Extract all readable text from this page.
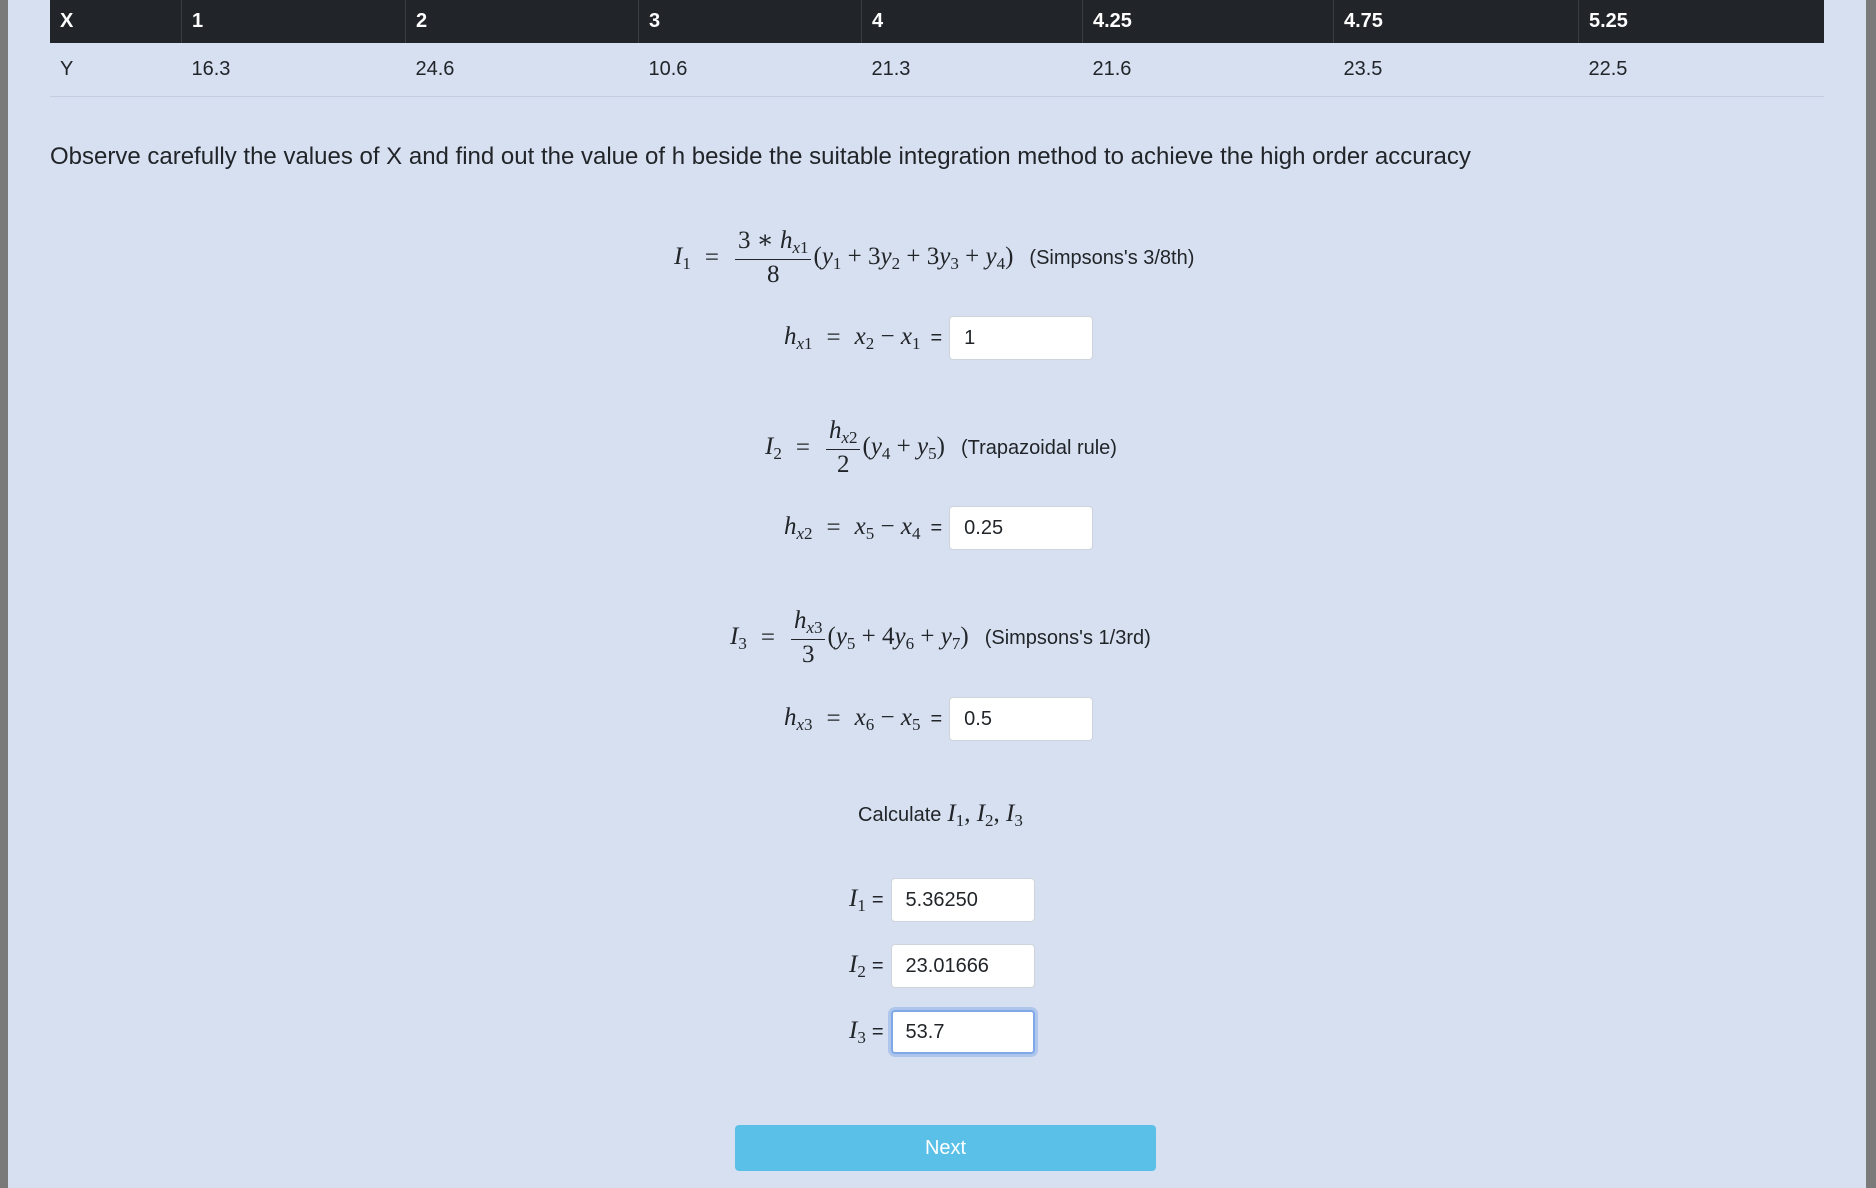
X	1	2	3	4	4.25	4.75	5.25
Y	16.3	24.6	10.6	21.3	21.6	23.5	22.5
Observe carefully the values of X and find out the value of h beside the suitable integration method to achieve the high order accuracy
$I_1 = \frac{3 ∗ h_{x1}}{8} (y_1 + 3y_2 + 3y_3 + y_4)$ (Simpsons's 3/8th)
$h_{x1} = x_2 - x_1$ =
1
$I_2 = \frac{h_{x2}}{2} (y_4 + y_5)$ (Trapazoidal rule)
$h_{x2} = x_5 - x_4$ =
0.25
$I_3 = \frac{h_{x3}}{3} (y_5 + 4y_6 + y_7)$ (Simpsons's 1/3rd)
$h_{x3} = x_6 - x_5$ =
0.5
Calculate $I_1$, $I_2$, $I_3$
$I_1$ =
5.36250
$I_2$ =
23.01666
$I_3$ =
53.7
Next
